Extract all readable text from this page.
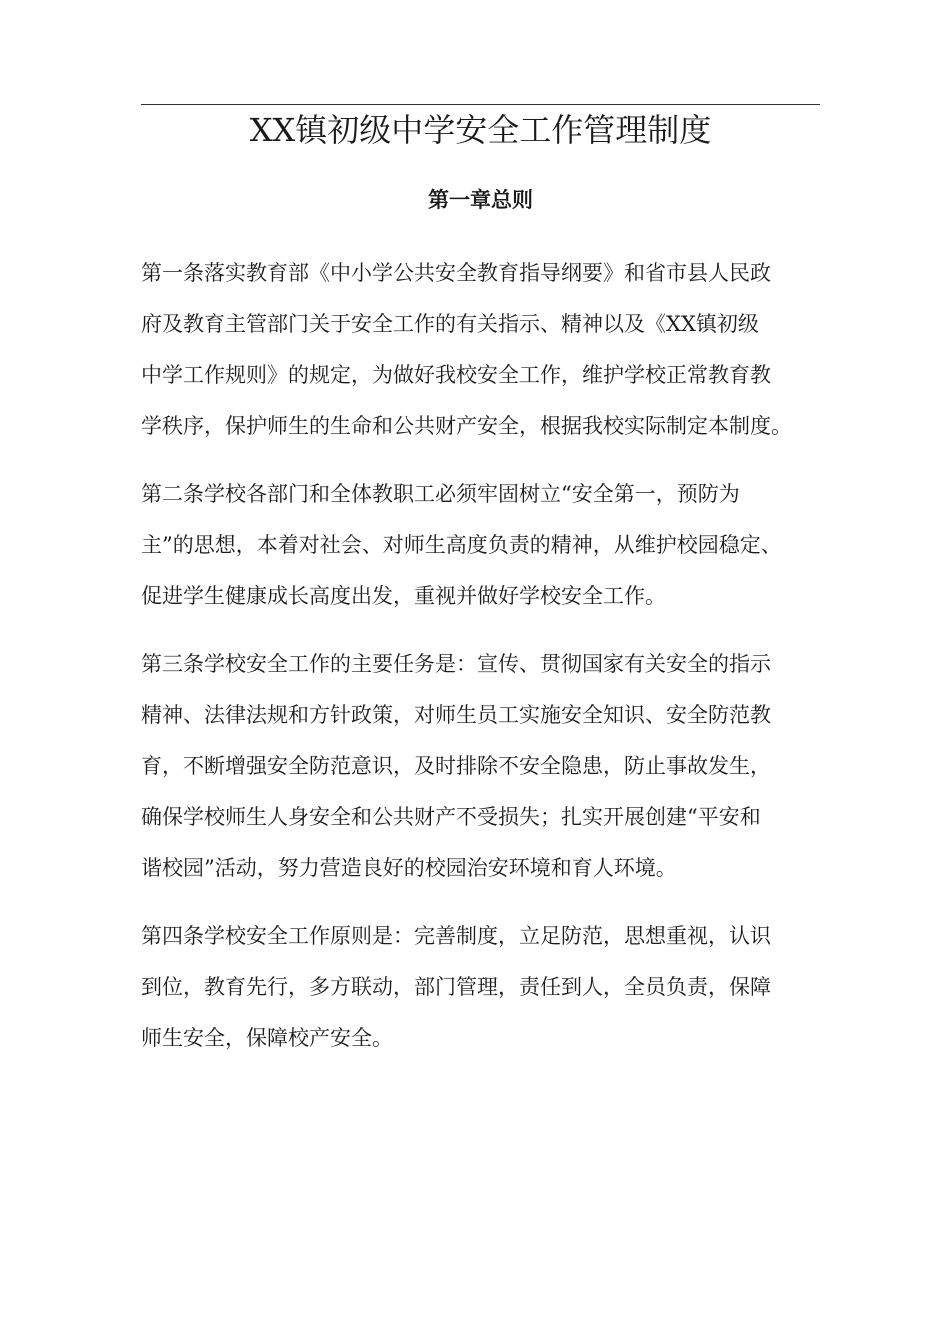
XX镇初级中学安全工作管理制度
第一章总则
第一条落实教育部《中小学公共安全教育指导纲要》和省市县人民政
府及教育主管部门关于安全工作的有关指示、精神以及《XX镇初级
中学工作规则》的规定，为做好我校安全工作，维护学校正常教育教
学秩序，保护师生的生命和公共财产安全，根据我校实际制定本制度。
第二条学校各部门和全体教职工必须牢固树立“安全第一，预防为
主”的思想，本着对社会、对师生高度负责的精神，从维护校园稳定、
促进学生健康成长高度出发，重视并做好学校安全工作。
第三条学校安全工作的主要任务是：宣传、贯彻国家有关安全的指示
精神、法律法规和方针政策，对师生员工实施安全知识、安全防范教
育，不断增强安全防范意识，及时排除不安全隐患，防止事故发生，
确保学校师生人身安全和公共财产不受损失；扎实开展创建“平安和
谐校园”活动，努力营造良好的校园治安环境和育人环境。
第四条学校安全工作原则是：完善制度，立足防范，思想重视，认识
到位，教育先行，多方联动，部门管理，责任到人，全员负责，保障
师生安全，保障校产安全。
